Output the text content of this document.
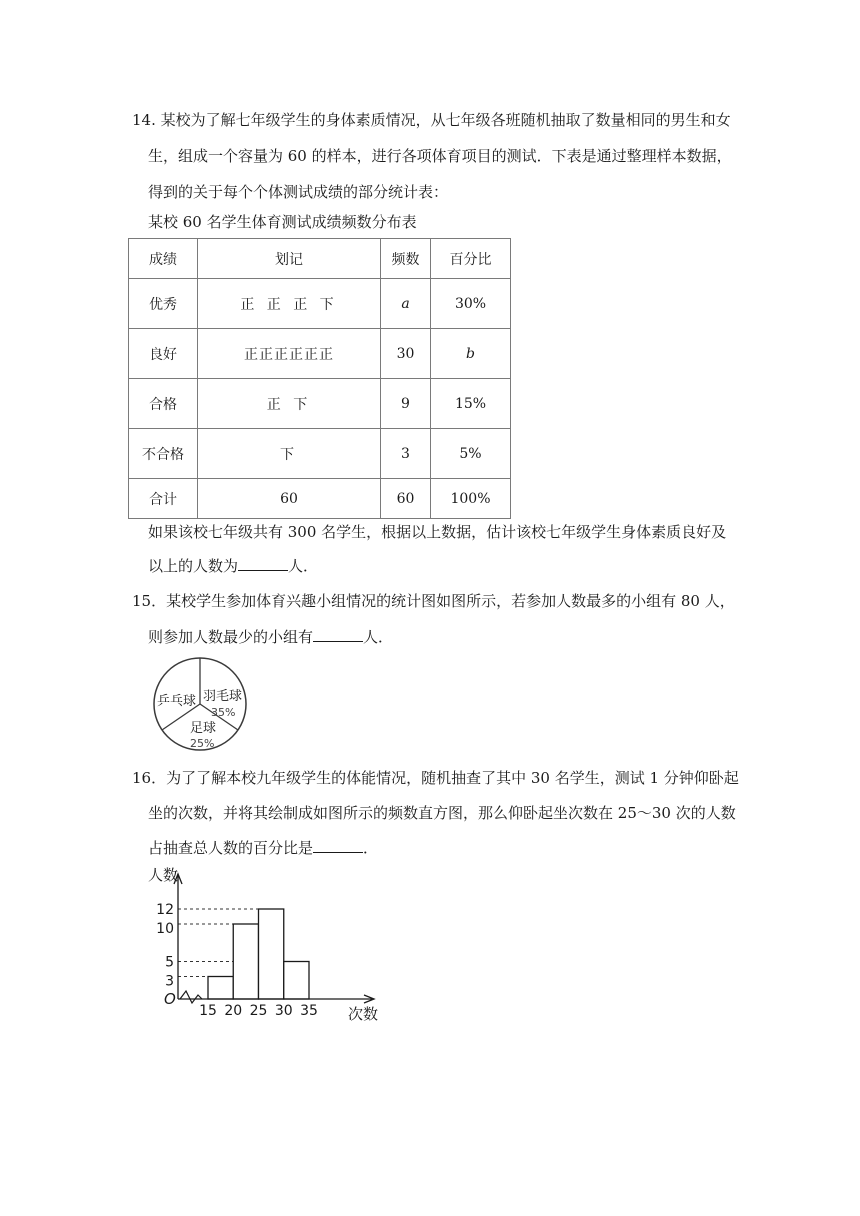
14. 某校为了解七年级学生的身体素质情况，从七年级各班随机抽取了数量相同的男生和女
生，组成一个容量为 60 的样本，进行各项体育项目的测试．下表是通过整理样本数据，
得到的关于每个个体测试成绩的部分统计表：
某校 60 名学生体育测试成绩频数分布表
成绩	划记	频数	百分比
优秀	正 正 正 下	a	30%
良好	正正正正正正	30	b
合格	正 下	9	15%
不合格	下	3	5%
合计	60	60	100%
如果该校七年级共有 300 名学生，根据以上数据，估计该校七年级学生身体素质良好及
以上的人数为	人．
15．某校学生参加体育兴趣小组情况的统计图如图所示，若参加人数最多的小组有 80 人，
则参加人数最少的小组有	人．
乒乓球 羽毛球
35%
足球
25%
16．为了了解本校九年级学生的体能情况，随机抽查了其中 30 名学生，测试 1 分钟仰卧起
坐的次数，并将其绘制成如图所示的频数直方图，那么仰卧起坐次数在 25～30 次的人数
占抽查总人数的百分比是	．
3
5
10
12
15 20 25 30 35
人数
次数
O
